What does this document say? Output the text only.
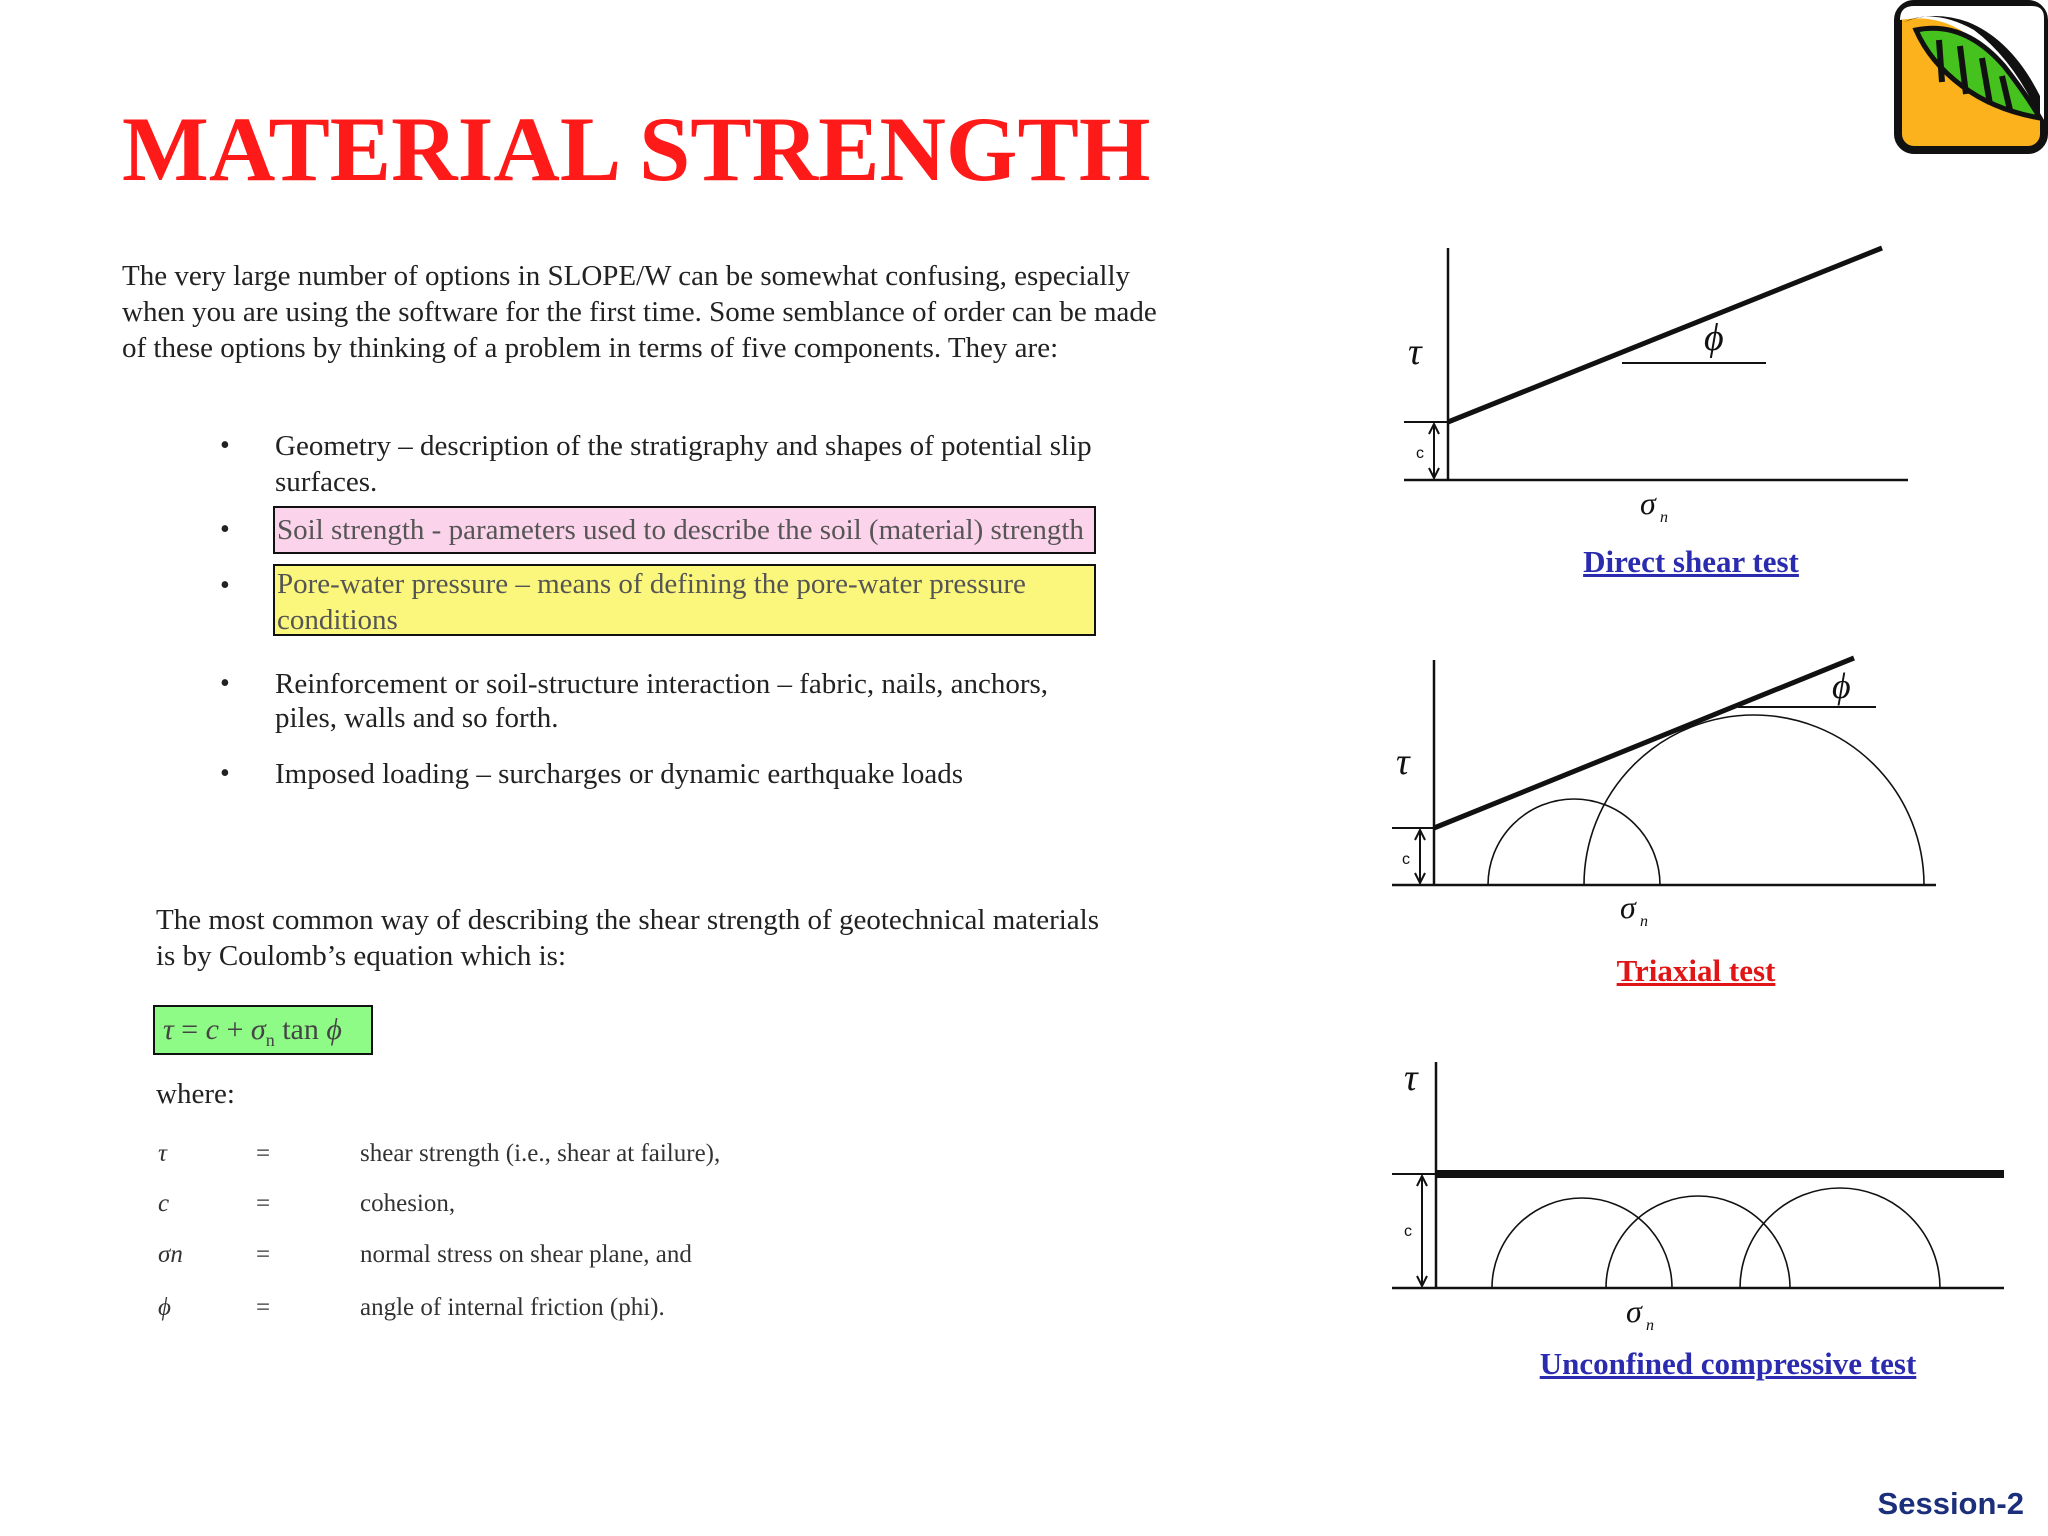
MATERIAL STRENGTH

The very large number of options in SLOPE/W can be somewhat confusing, especially when you are using the software for the first time. Some semblance of order can be made of these options by thinking of a problem in terms of five components. They are:

•	Geometry – description of the stratigraphy and shapes of potential slip
surfaces.
•	Soil strength - parameters used to describe the soil (material) strength
•	Pore-water pressure – means of defining the pore-water pressure
conditions
•	Reinforcement or soil-structure interaction – fabric, nails, anchors,
piles, walls and so forth.
•	Imposed loading – surcharges or dynamic earthquake loads
The most common way of describing the shear strength of geotechnical materials
is by Coulomb’s equation which is:
$\tau = c + \sigma_n$ tan ϕ

where:

τ	=	shear strength (i.e., shear at failure),
c	=	cohesion,
σn	=	normal stress on shear plane, and
ϕ	=	angle of internal friction (phi).
c
τ	ϕ
σ n
Direct shear test
c
τ
ϕ
σ n
Triaxial test
c
τ
σ n
Unconfined compressive test
Session-2
